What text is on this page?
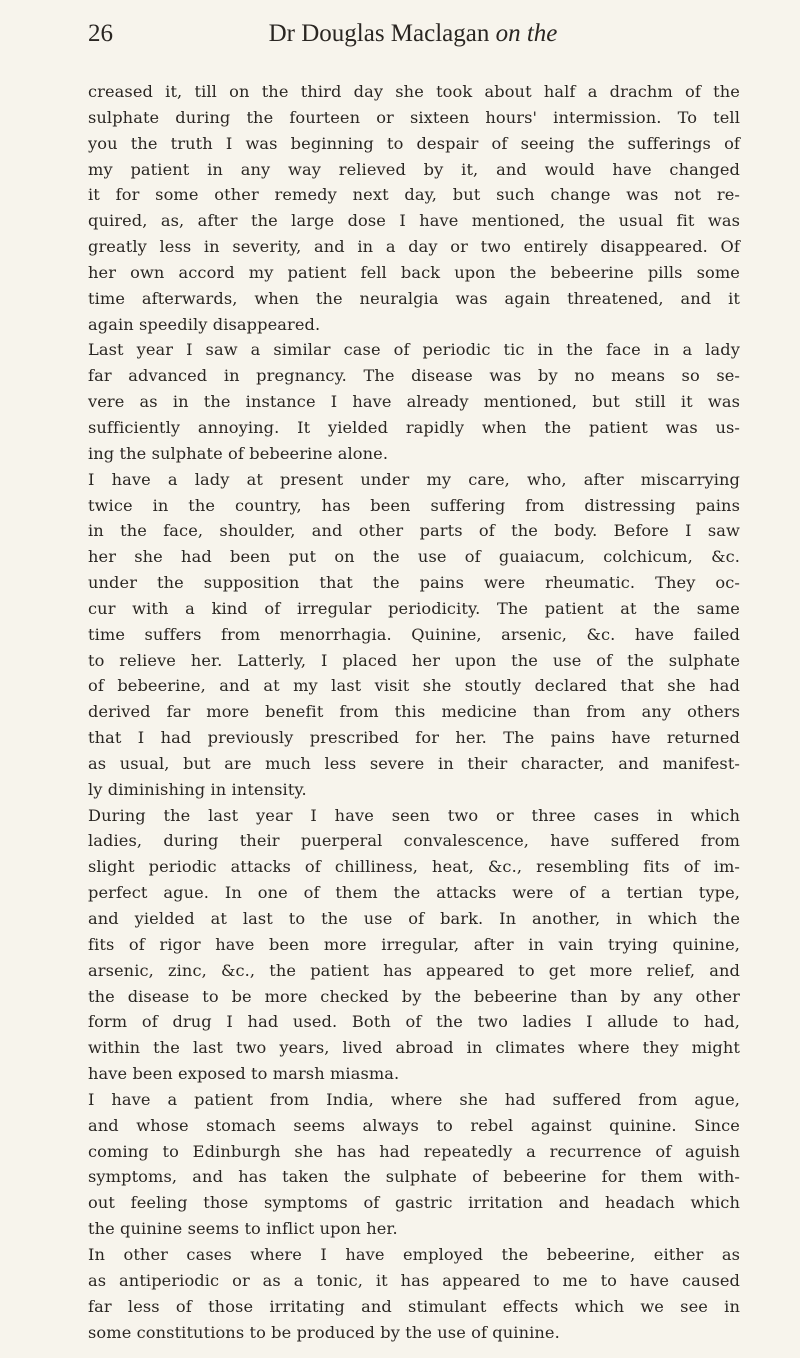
26	Dr Douglas Maclagan on the
creased it, till on the third day she took about half a drachm of the
sulphate during the fourteen or sixteen hours' intermission. To tell
you the truth I was beginning to despair of seeing the sufferings of
my patient in any way relieved by it, and would have changed
it for some other remedy next day, but such change was not re-
quired, as, after the large dose I have mentioned, the usual fit was
greatly less in severity, and in a day or two entirely disappeared. Of
her own accord my patient fell back upon the bebeerine pills some
time afterwards, when the neuralgia was again threatened, and it
again speedily disappeared.
Last year I saw a similar case of periodic tic in the face in a lady
far advanced in pregnancy. The disease was by no means so se-
vere as in the instance I have already mentioned, but still it was
sufficiently annoying. It yielded rapidly when the patient was us-
ing the sulphate of bebeerine alone.
I have a lady at present under my care, who, after miscarrying
twice in the country, has been suffering from distressing pains
in the face, shoulder, and other parts of the body. Before I saw
her she had been put on the use of guaiacum, colchicum, &c.
under the supposition that the pains were rheumatic. They oc-
cur with a kind of irregular periodicity. The patient at the same
time suffers from menorrhagia. Quinine, arsenic, &c. have failed
to relieve her. Latterly, I placed her upon the use of the sulphate
of bebeerine, and at my last visit she stoutly declared that she had
derived far more benefit from this medicine than from any others
that I had previously prescribed for her. The pains have returned
as usual, but are much less severe in their character, and manifest-
ly diminishing in intensity.
During the last year I have seen two or three cases in which
ladies, during their puerperal convalescence, have suffered from
slight periodic attacks of chilliness, heat, &c., resembling fits of im-
perfect ague. In one of them the attacks were of a tertian type,
and yielded at last to the use of bark. In another, in which the
fits of rigor have been more irregular, after in vain trying quinine,
arsenic, zinc, &c., the patient has appeared to get more relief, and
the disease to be more checked by the bebeerine than by any other
form of drug I had used. Both of the two ladies I allude to had,
within the last two years, lived abroad in climates where they might
have been exposed to marsh miasma.
I have a patient from India, where she had suffered from ague,
and whose stomach seems always to rebel against quinine. Since
coming to Edinburgh she has had repeatedly a recurrence of aguish
symptoms, and has taken the sulphate of bebeerine for them with-
out feeling those symptoms of gastric irritation and headach which
the quinine seems to inflict upon her.
In other cases where I have employed the bebeerine, either as
as antiperiodic or as a tonic, it has appeared to me to have caused
far less of those irritating and stimulant effects which we see in
some constitutions to be produced by the use of quinine.
